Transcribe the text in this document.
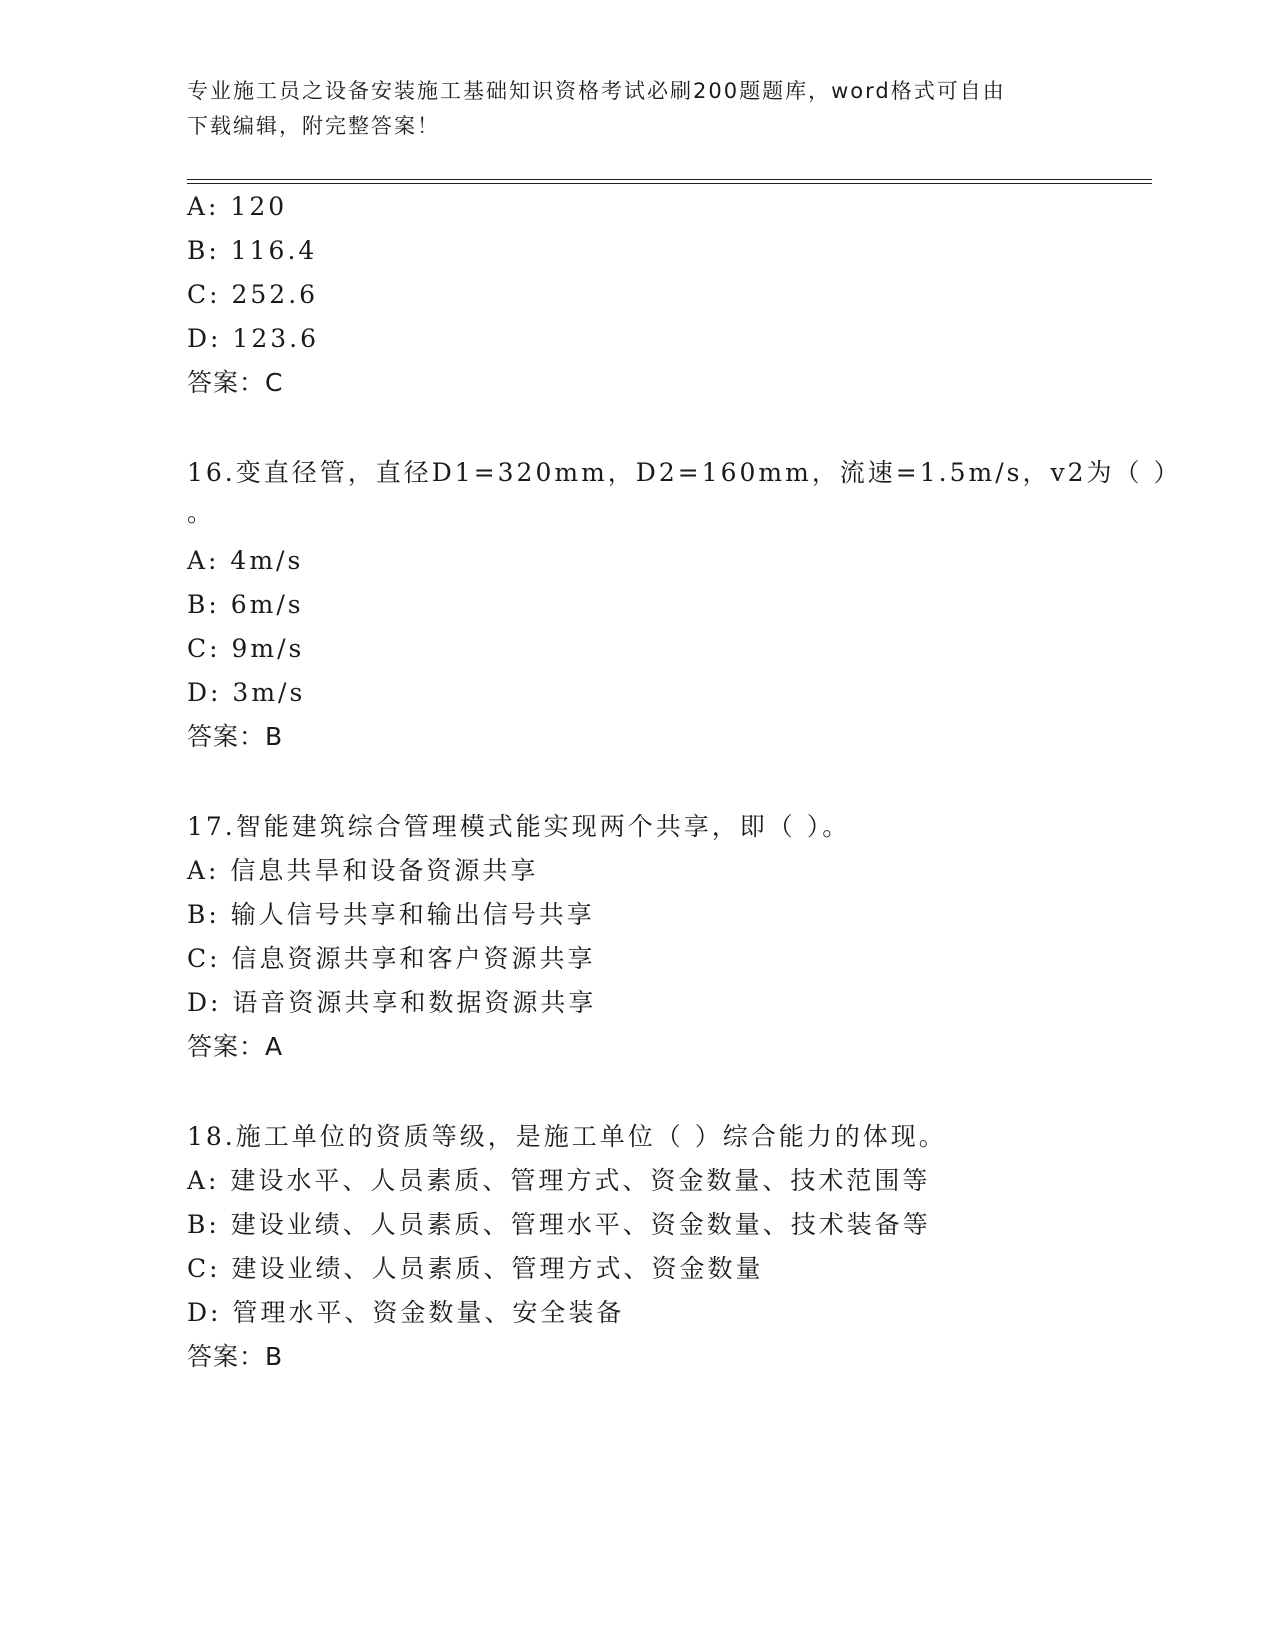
专业施工员之设备安装施工基础知识资格考试必刷200题题库，word格式可自由
下载编辑，附完整答案！
A: 120
B: 116.4
C: 252.6
D: 123.6
答案：C
16.变直径管，直径D1=320mm，D2=160mm，流速=1.5m/s，v2为（ ）
。
A: 4m/s
B: 6m/s
C: 9m/s
D: 3m/s
答案：B
17.智能建筑综合管理模式能实现两个共享，即（ ）。
A: 信息共旱和设备资源共享
B: 输人信号共享和输出信号共享
C: 信息资源共享和客户资源共享
D: 语音资源共享和数据资源共享
答案：A
18.施工单位的资质等级，是施工单位（ ）综合能力的体现。
A: 建设水平、人员素质、管理方式、资金数量、技术范围等
B: 建设业绩、人员素质、管理水平、资金数量、技术装备等
C: 建设业绩、人员素质、管理方式、资金数量
D: 管理水平、资金数量、安全装备
答案：B
